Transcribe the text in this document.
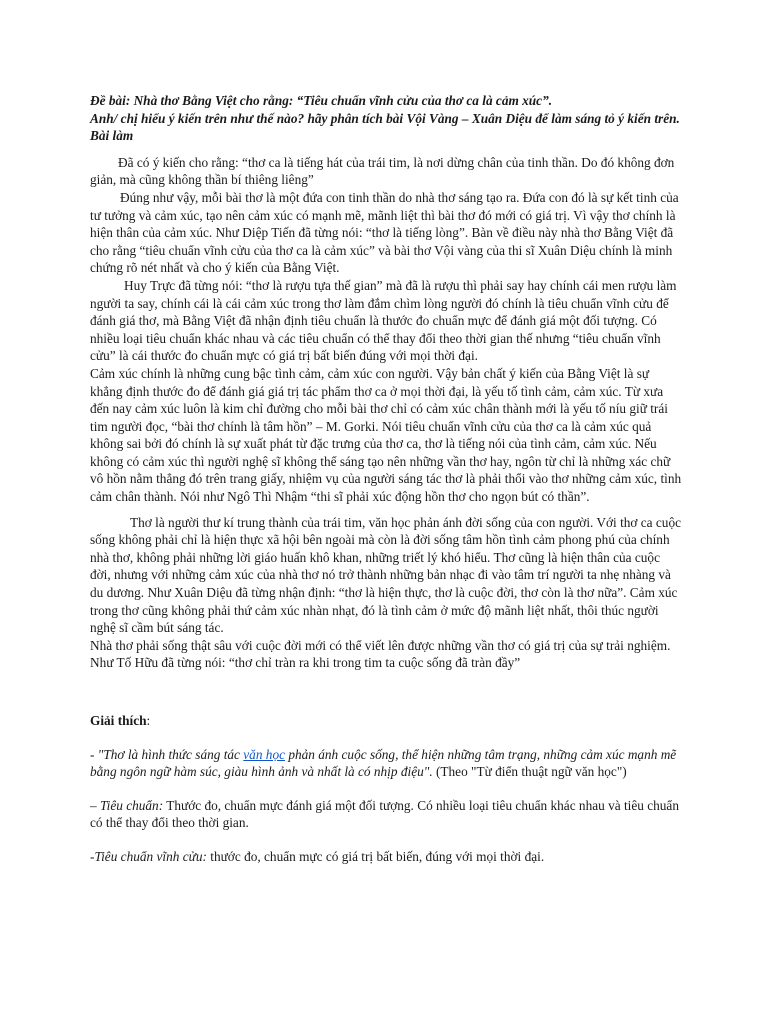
Đề bài: Nhà thơ Bằng Việt cho rằng: “Tiêu chuẩn vĩnh cửu của thơ ca là cảm xúc”.

Anh/ chị hiểu ý kiến trên như thế nào? hãy phân tích bài Vội Vàng – Xuân Diệu để làm sáng tỏ ý kiến trên.

Bài làm

Đã có ý kiến cho rằng: “thơ ca là tiếng hát của trái tim, là nơi dừng chân của tinh thần. Do đó không đơn giản, mà cũng không thần bí thiêng liêng”

Đúng như vậy, mỗi bài thơ là một đứa con tinh thần do nhà thơ sáng tạo ra. Đứa con đó là sự kết tinh của tư tưởng và cảm xúc, tạo nên cảm xúc có mạnh mẽ, mãnh liệt thì bài thơ đó mới có giá trị. Vì vậy thơ chính là hiện thân của cảm xúc. Như Diệp Tiến đã từng nói: “thơ là tiếng lòng”. Bàn về điều này nhà thơ Bằng Việt đã cho rằng “tiêu chuẩn vĩnh cửu của thơ ca là cảm xúc” và bài thơ Vội vàng của thi sĩ Xuân Diệu chính là minh chứng rõ nét nhất và cho ý kiến của Bằng Việt.

Huy Trực đã từng nói: “thơ là rượu tựa thế gian” mà đã là rượu thì phải say hay chính cái men rượu làm người ta say, chính cái là cái cảm xúc trong thơ làm đắm chìm lòng người đó chính là tiêu chuẩn vĩnh cửu để đánh giá thơ, mà Bằng Việt đã nhận định tiêu chuẩn là thước đo chuẩn mực để đánh giá một đối tượng. Có nhiều loại tiêu chuẩn khác nhau và các tiêu chuẩn có thể thay đổi theo thời gian thế nhưng “tiêu chuẩn vĩnh cửu” là cái thước đo chuẩn mực có giá trị bất biến đúng với mọi thời đại.

Cảm xúc chính là những cung bậc tình cảm, cảm xúc con người. Vậy bản chất ý kiến của Bằng Việt là sự khẳng định thước đo để đánh giá giá trị tác phẩm thơ ca ở mọi thời đại, là yếu tố tình cảm, cảm xúc. Từ xưa đến nay cảm xúc luôn là kim chỉ đường cho mỗi bài thơ chỉ có cảm xúc chân thành mới là yếu tố níu giữ trái tim người đọc, “bài thơ chính là tâm hồn” – M. Gorki. Nói tiêu chuẩn vĩnh cửu của thơ ca là cảm xúc quả không sai bởi đó chính là sự xuất phát từ đặc trưng của thơ ca, thơ là tiếng nói của tình cảm, cảm xúc. Nếu không có cảm xúc thì người nghệ sĩ không thể sáng tạo nên những vần thơ hay, ngôn từ chỉ là những xác chữ vô hồn nằm thẳng đó trên trang giấy, nhiệm vụ của người sáng tác thơ là phải thổi vào thơ những cảm xúc, tình cảm chân thành. Nói như Ngô Thì Nhậm “thi sĩ phải xúc động hồn thơ cho ngọn bút có thần”.

Thơ là người thư kí trung thành của trái tim, văn học phản ánh đời sống của con người. Với thơ ca cuộc sống không phải chỉ là hiện thực xã hội bên ngoài mà còn là đời sống tâm hồn tình cảm phong phú của chính nhà thơ, không phải những lời giáo huấn khô khan, những triết lý khó hiểu. Thơ cũng là hiện thân của cuộc đời, nhưng với những cảm xúc của nhà thơ nó trở thành những bản nhạc đi vào tâm trí người ta nhẹ nhàng và du dương. Như Xuân Diệu đã từng nhận định: “thơ là hiện thực, thơ là cuộc đời, thơ còn là thơ nữa”. Cảm xúc trong thơ cũng không phải thứ cảm xúc nhàn nhạt, đó là tình cảm ở mức độ mãnh liệt nhất, thôi thúc người nghệ sĩ cầm bút sáng tác.

Nhà thơ phải sống thật sâu với cuộc đời mới có thể viết lên được những vần thơ có giá trị của sự trải nghiệm. Như Tố Hữu đã từng nói: “thơ chỉ tràn ra khi trong tim ta cuộc sống đã tràn đầy”

Giải thích:

- "Thơ là hình thức sáng tác văn học phản ánh cuộc sống, thể hiện những tâm trạng, những cảm xúc mạnh mẽ bằng ngôn ngữ hàm súc, giàu hình ảnh và nhất là có nhịp điệu". (Theo "Từ điển thuật ngữ văn học")

– Tiêu chuẩn: Thước đo, chuẩn mực đánh giá một đối tượng. Có nhiều loại tiêu chuẩn khác nhau và tiêu chuẩn có thể thay đổi theo thời gian.

-Tiêu chuẩn vĩnh cửu: thước đo, chuẩn mực có giá trị bất biến, đúng với mọi thời đại.
